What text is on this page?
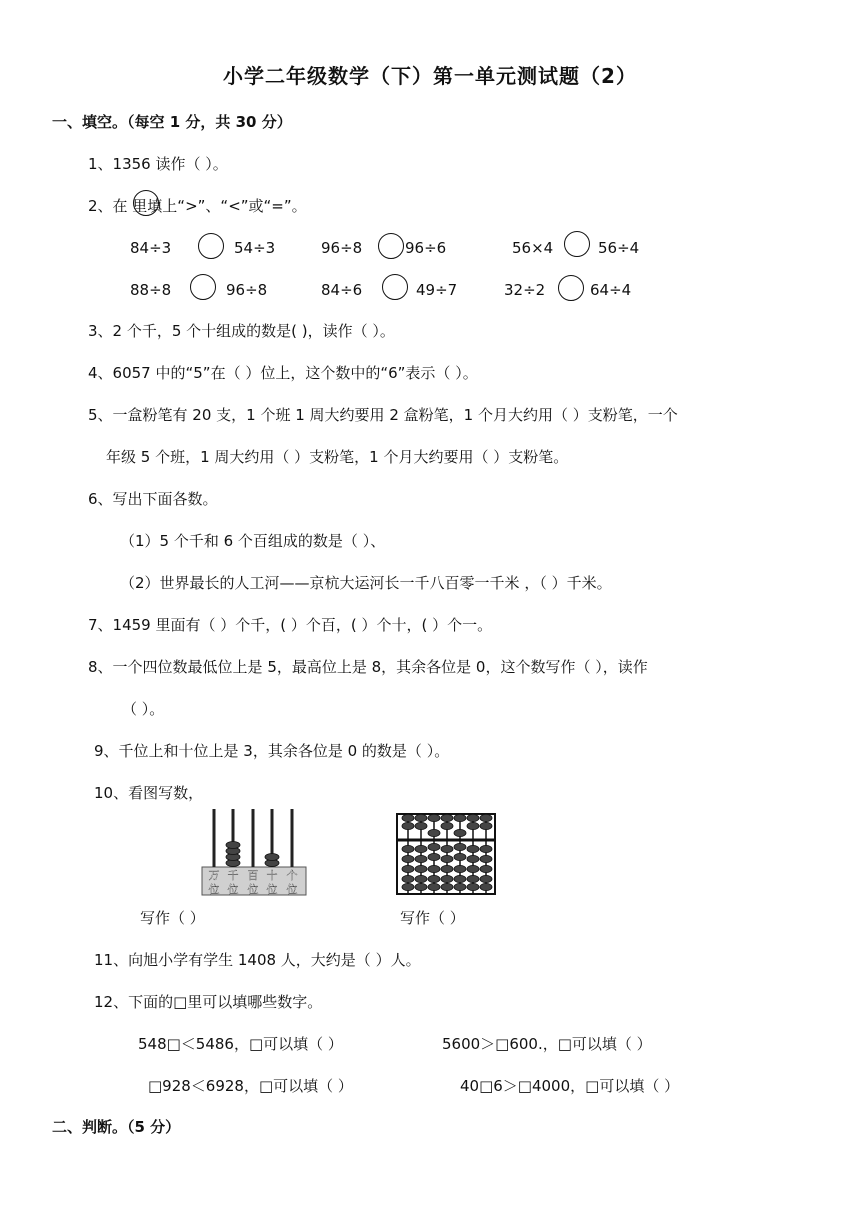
小学二年级数学（下）第一单元测试题（2）
一、填空。（每空 1 分，共 30 分）
1、1356 读作（ ）。
2、在 里填上“>”、“<”或“=”。
84÷3	54÷3	96÷8	96÷6	56×4	56÷4
88÷8	96÷8	84÷6	49÷7	32÷2	64÷4
3、2 个千，5 个十组成的数是( )，读作（ ）。
4、6057 中的“5”在（ ）位上，这个数中的“6”表示（ ）。
5、一盒粉笔有 20 支，1 个班 1 周大约要用 2 盒粉笔，1 个月大约用（ ）支粉笔，一个
年级 5 个班，1 周大约用（ ）支粉笔，1 个月大约要用（ ）支粉笔。
6、写出下面各数。
（1）5 个千和 6 个百组成的数是（ ）、
（2）世界最长的人工河——京杭大运河长一千八百零一千米 ，（ ）千米。
7、1459 里面有（ ）个千，( ）个百，( ）个十，( ）个一。
8、一个四位数最低位上是 5，最高位上是 8，其余各位是 0，这个数写作（ ），读作
（ ）。
9、千位上和十位上是 3，其余各位是 0 的数是（ ）。
10、看图写数，
万 千 百 十 个
位 位 位 位 位
写作（ ）	写作（ ）
11、向旭小学有学生 1408 人，大约是（ ）人。
12、下面的□里可以填哪些数字。
548□＜5486，□可以填（ ）	5600＞□600.，□可以填（ ）
□928＜6928，□可以填（ ）	40□6＞□4000，□可以填（ ）
二、判断。（5 分）
